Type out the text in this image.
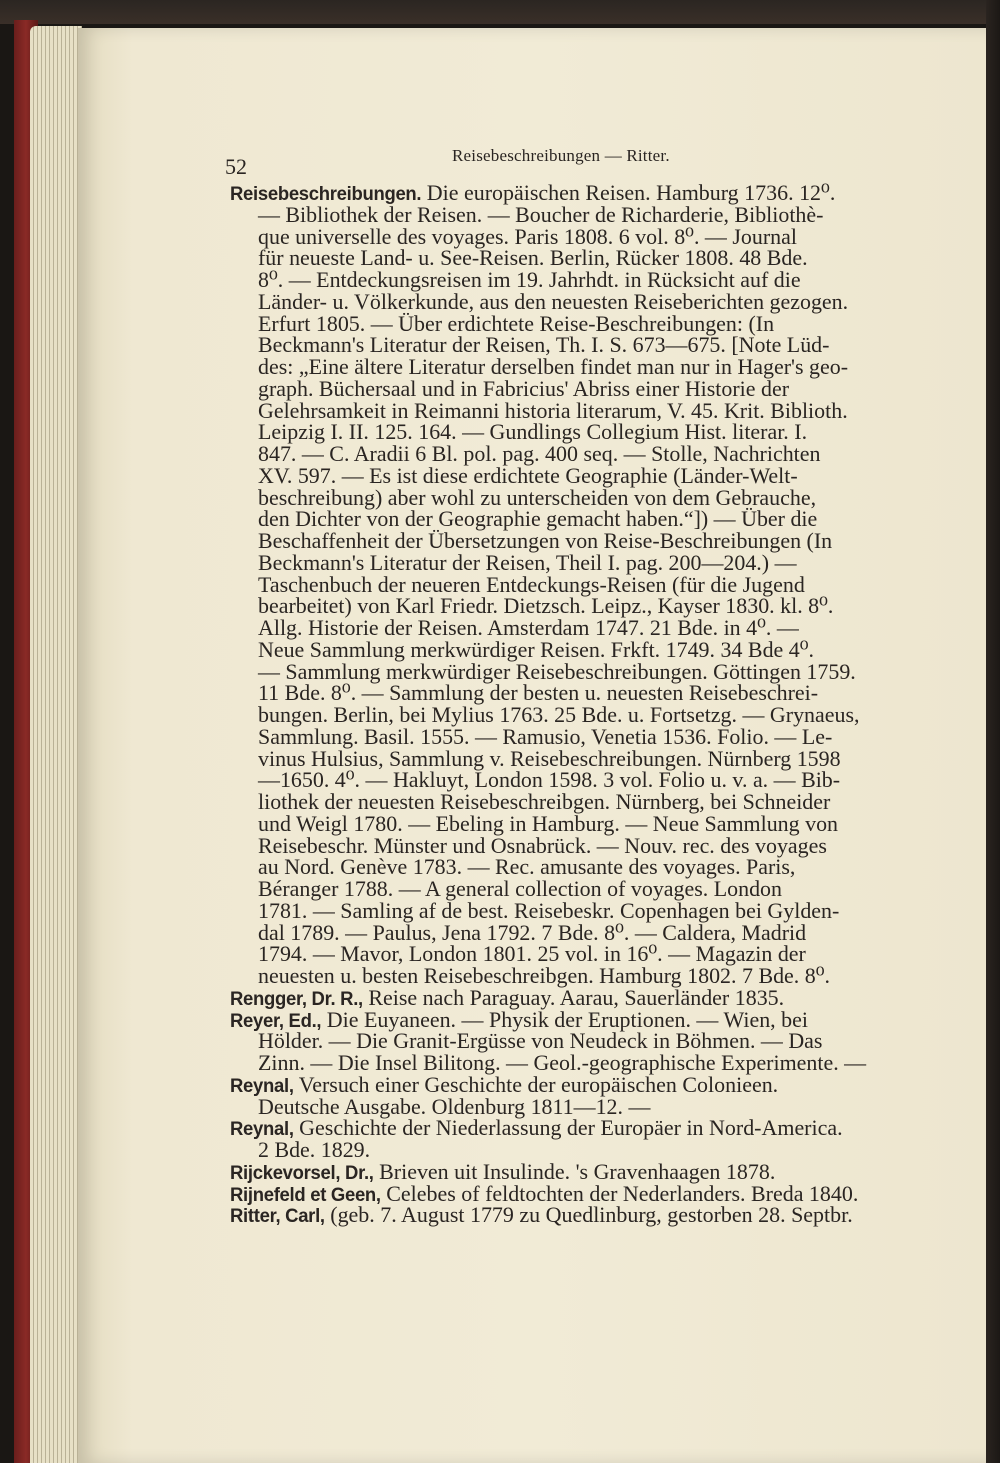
52	Reisebeschreibungen — Ritter.
Reisebeschreibungen. Die europäischen Reisen. Hamburg 1736. 12⁰.
— Bibliothek der Reisen. — Boucher de Richarderie, Bibliothè-
que universelle des voyages. Paris 1808. 6 vol. 8⁰. — Journal
für neueste Land- u. See-Reisen. Berlin, Rücker 1808. 48 Bde.
8⁰. — Entdeckungsreisen im 19. Jahrhdt. in Rücksicht auf die
Länder- u. Völkerkunde, aus den neuesten Reiseberichten gezogen.
Erfurt 1805. — Über erdichtete Reise-Beschreibungen: (In
Beckmann's Literatur der Reisen, Th. I. S. 673—675. [Note Lüd-
des: „Eine ältere Literatur derselben findet man nur in Hager's geo-
graph. Büchersaal und in Fabricius' Abriss einer Historie der
Gelehrsamkeit in Reimanni historia literarum, V. 45. Krit. Biblioth.
Leipzig I. II. 125. 164. — Gundlings Collegium Hist. literar. I.
847. — C. Aradii 6 Bl. pol. pag. 400 seq. — Stolle, Nachrichten
XV. 597. — Es ist diese erdichtete Geographie (Länder-Welt-
beschreibung) aber wohl zu unterscheiden von dem Gebrauche,
den Dichter von der Geographie gemacht haben.“]) — Über die
Beschaffenheit der Übersetzungen von Reise-Beschreibungen (In
Beckmann's Literatur der Reisen, Theil I. pag. 200—204.) —
Taschenbuch der neueren Entdeckungs-Reisen (für die Jugend
bearbeitet) von Karl Friedr. Dietzsch. Leipz., Kayser 1830. kl. 8⁰.
Allg. Historie der Reisen. Amsterdam 1747. 21 Bde. in 4⁰. —
Neue Sammlung merkwürdiger Reisen. Frkft. 1749. 34 Bde 4⁰.
— Sammlung merkwürdiger Reisebeschreibungen. Göttingen 1759.
11 Bde. 8⁰. — Sammlung der besten u. neuesten Reisebeschrei-
bungen. Berlin, bei Mylius 1763. 25 Bde. u. Fortsetzg. — Grynaeus,
Sammlung. Basil. 1555. — Ramusio, Venetia 1536. Folio. — Le-
vinus Hulsius, Sammlung v. Reisebeschreibungen. Nürnberg 1598
—1650. 4⁰. — Hakluyt, London 1598. 3 vol. Folio u. v. a. — Bib-
liothek der neuesten Reisebeschreibgen. Nürnberg, bei Schneider
und Weigl 1780. — Ebeling in Hamburg. — Neue Sammlung von
Reisebeschr. Münster und Osnabrück. — Nouv. rec. des voyages
au Nord. Genève 1783. — Rec. amusante des voyages. Paris,
Béranger 1788. — A general collection of voyages. London
1781. — Samling af de best. Reisebeskr. Copenhagen bei Gylden-
dal 1789. — Paulus, Jena 1792. 7 Bde. 8⁰. — Caldera, Madrid
1794. — Mavor, London 1801. 25 vol. in 16⁰. — Magazin der
neuesten u. besten Reisebeschreibgen. Hamburg 1802. 7 Bde. 8⁰.
Rengger, Dr. R., Reise nach Paraguay. Aarau, Sauerländer 1835.
Reyer, Ed., Die Euyaneen. — Physik der Eruptionen. — Wien, bei
Hölder. — Die Granit-Ergüsse von Neudeck in Böhmen. — Das
Zinn. — Die Insel Bilitong. — Geol.-geographische Experimente. —
Reynal, Versuch einer Geschichte der europäischen Colonieen.
Deutsche Ausgabe. Oldenburg 1811—12. —
Reynal, Geschichte der Niederlassung der Europäer in Nord-America.
2 Bde. 1829.
Rijckevorsel, Dr., Brieven uit Insulinde. 's Gravenhaagen 1878.
Rijnefeld et Geen, Celebes of feldtochten der Nederlanders. Breda 1840.
Ritter, Carl, (geb. 7. August 1779 zu Quedlinburg, gestorben 28. Septbr.
